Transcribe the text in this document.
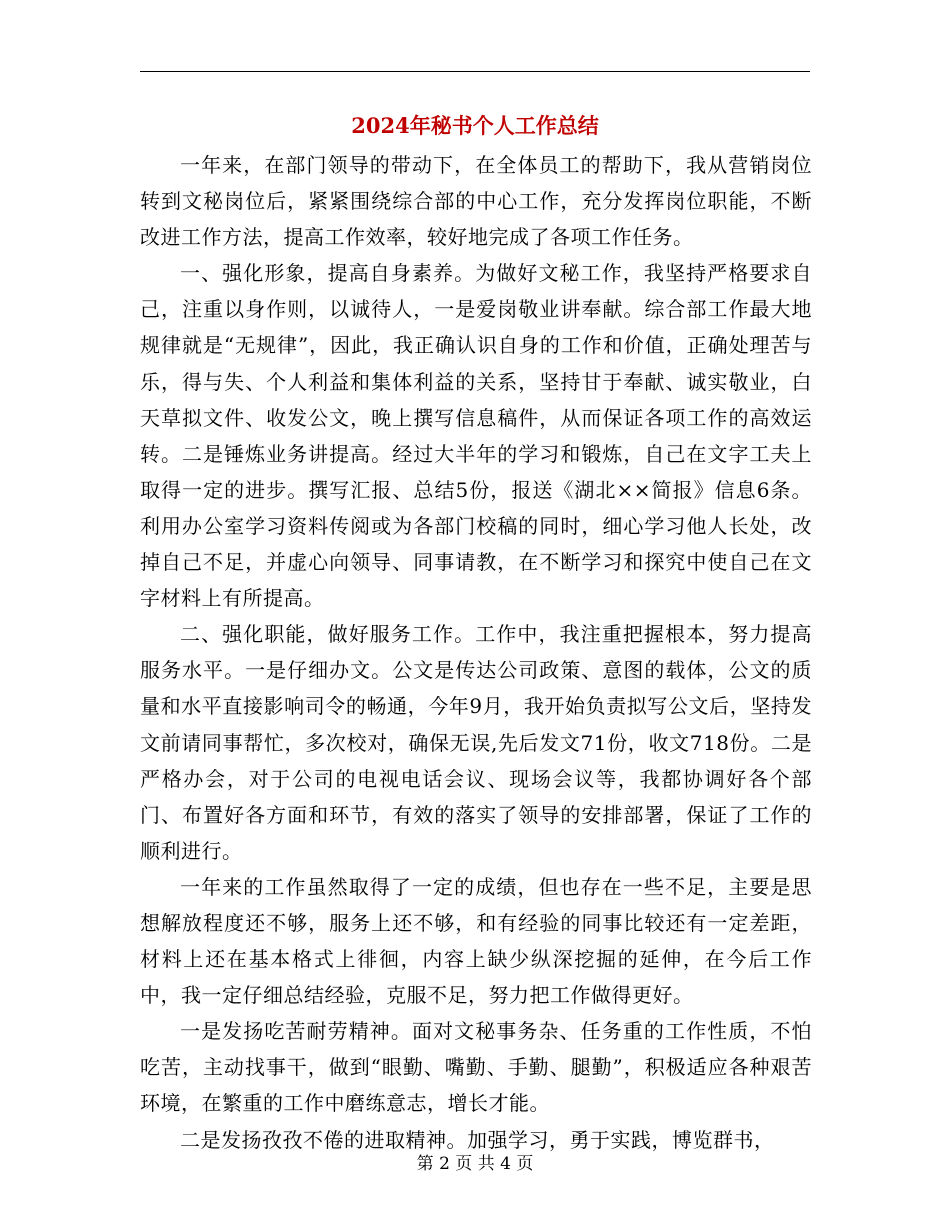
2024年秘书个人工作总结

一年来，在部门领导的带动下，在全体员工的帮助下，我从营销岗位转到文秘岗位后，紧紧围绕综合部的中心工作，充分发挥岗位职能，不断改进工作方法，提高工作效率，较好地完成了各项工作任务。

一、强化形象，提高自身素养。为做好文秘工作，我坚持严格要求自己，注重以身作则，以诚待人，一是爱岗敬业讲奉献。综合部工作最大地规律就是“无规律”，因此，我正确认识自身的工作和价值，正确处理苦与乐，得与失、个人利益和集体利益的关系，坚持甘于奉献、诚实敬业，白天草拟文件、收发公文，晚上撰写信息稿件，从而保证各项工作的高效运转。二是锤炼业务讲提高。经过大半年的学习和锻炼，自己在文字工夫上取得一定的进步。撰写汇报、总结5份，报送《湖北××简报》信息6条。利用办公室学习资料传阅或为各部门校稿的同时，细心学习他人长处，改掉自己不足，并虚心向领导、同事请教，在不断学习和探究中使自己在文字材料上有所提高。

二、强化职能，做好服务工作。工作中，我注重把握根本，努力提高服务水平。一是仔细办文。公文是传达公司政策、意图的载体，公文的质量和水平直接影响司令的畅通，今年9月，我开始负责拟写公文后，坚持发文前请同事帮忙，多次校对，确保无误,先后发文71份，收文718份。二是严格办会，对于公司的电视电话会议、现场会议等，我都协调好各个部门、布置好各方面和环节，有效的落实了领导的安排部署，保证了工作的顺利进行。

一年来的工作虽然取得了一定的成绩，但也存在一些不足，主要是思想解放程度还不够，服务上还不够，和有经验的同事比较还有一定差距，材料上还在基本格式上徘徊，内容上缺少纵深挖掘的延伸，在今后工作中，我一定仔细总结经验，克服不足，努力把工作做得更好。

一是发扬吃苦耐劳精神。面对文秘事务杂、任务重的工作性质，不怕吃苦，主动找事干，做到“眼勤、嘴勤、手勤、腿勤”，积极适应各种艰苦环境，在繁重的工作中磨练意志，增长才能。

二是发扬孜孜不倦的进取精神。加强学习，勇于实践，博览群书，

第 2 页 共 4 页
